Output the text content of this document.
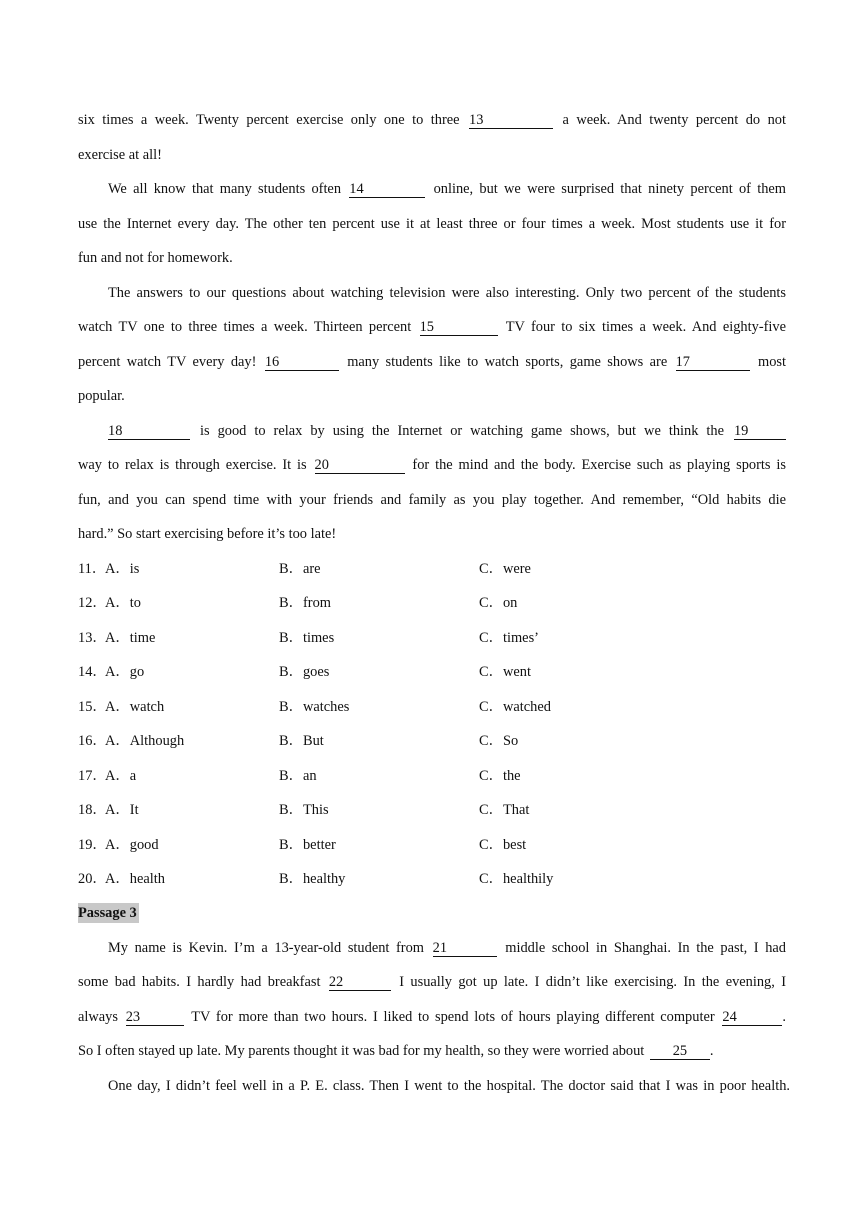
six times a week. Twenty percent exercise only one to three 13	a week. And twenty percent do not
exercise at all!
We all know that many students often 14	online, but we were surprised that ninety percent of them
use the Internet every day. The other ten percent use it at least three or four times a week. Most students use it for
fun and not for homework.
The answers to our questions about watching television were also interesting. Only two percent of the students
watch TV one to three times a week. Thirteen percent 15	TV four to six times a week. And eighty-five
percent watch TV every day! 16	many students like to watch sports, game shows are 17	most
popular.
18	is good to relax by using the Internet or watching game shows, but we think the 19
way to relax is through exercise. It is 20	for the mind and the body. Exercise such as playing sports is
fun, and you can spend time with your friends and family as you play together. And remember, “Old habits die
hard.” So start exercising before it’s too late!
11．
A．is	B．are	C．were
12．
A．to	B．from	C．on
13．
A．time	B．times	C．times’
14．
A．go	B．goes	C．went
15．
A．watch	B．watches	C．watched
16．
A．Although	B．But	C．So
17．
A．a	B．an	C．the
18．
A．It	B．This	C．That
19．
A．good	B．better	C．best
20．
A．health	B．healthy	C．healthily
Passage 3
My name is Kevin. I’m a 13-year-old student from 21	middle school in Shanghai. In the past, I had
some bad habits. I hardly had breakfast 22	I usually got up late. I didn’t like exercising. In the evening, I
always 23	TV for more than two hours. I liked to spend lots of hours playing different computer 24	.
So I often stayed up late. My parents thought it was bad for my health, so they were worried about 25 .
One day, I didn’t feel well in a P. E. class. Then I went to the hospital. The doctor said that I was in poor health.
